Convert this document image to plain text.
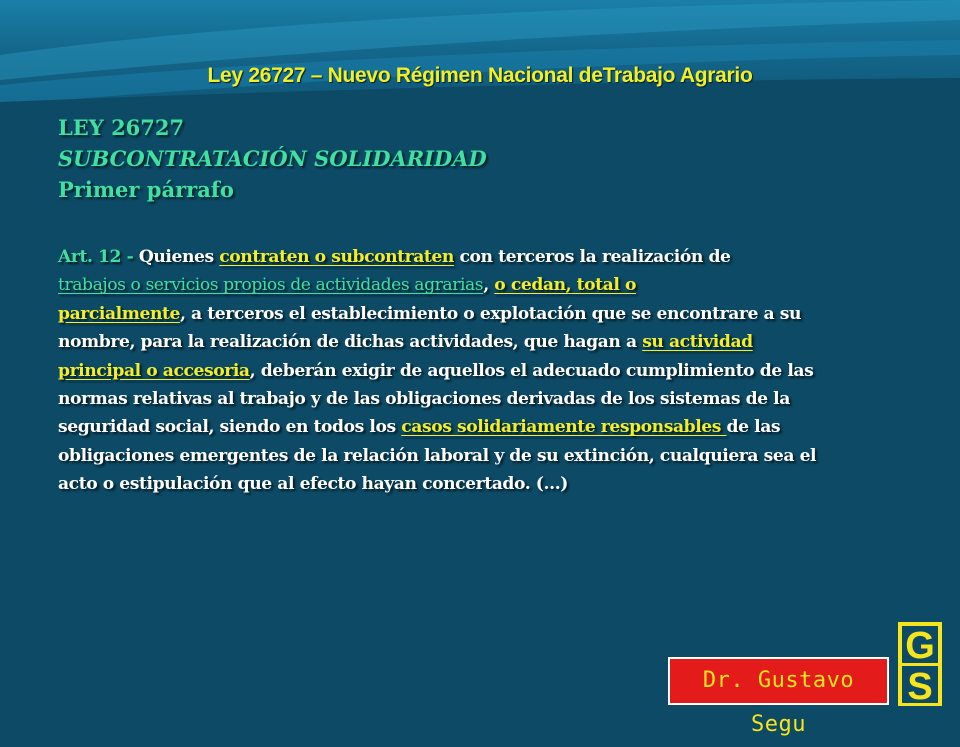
Ley 26727 – Nuevo Régimen Nacional deTrabajo Agrario
LEY 26727
SUBCONTRATACIÓN SOLIDARIDAD
Primer párrafo
Art. 12 - Quienes contraten o subcontraten con terceros la realización de
trabajos o servicios propios de actividades agrarias, o cedan, total o
parcialmente, a terceros el establecimiento o explotación que se encontrare a su
nombre, para la realización de dichas actividades, que hagan a su actividad
principal o accesoria, deberán exigir de aquellos el adecuado cumplimiento de las
normas relativas al trabajo y de las obligaciones derivadas de los sistemas de la
seguridad social, siendo en todos los casos solidariamente responsables de las
obligaciones emergentes de la relación laboral y de su extinción, cualquiera sea el
acto o estipulación que al efecto hayan concertado. (…)
Dr. Gustavo Segu
G
S
